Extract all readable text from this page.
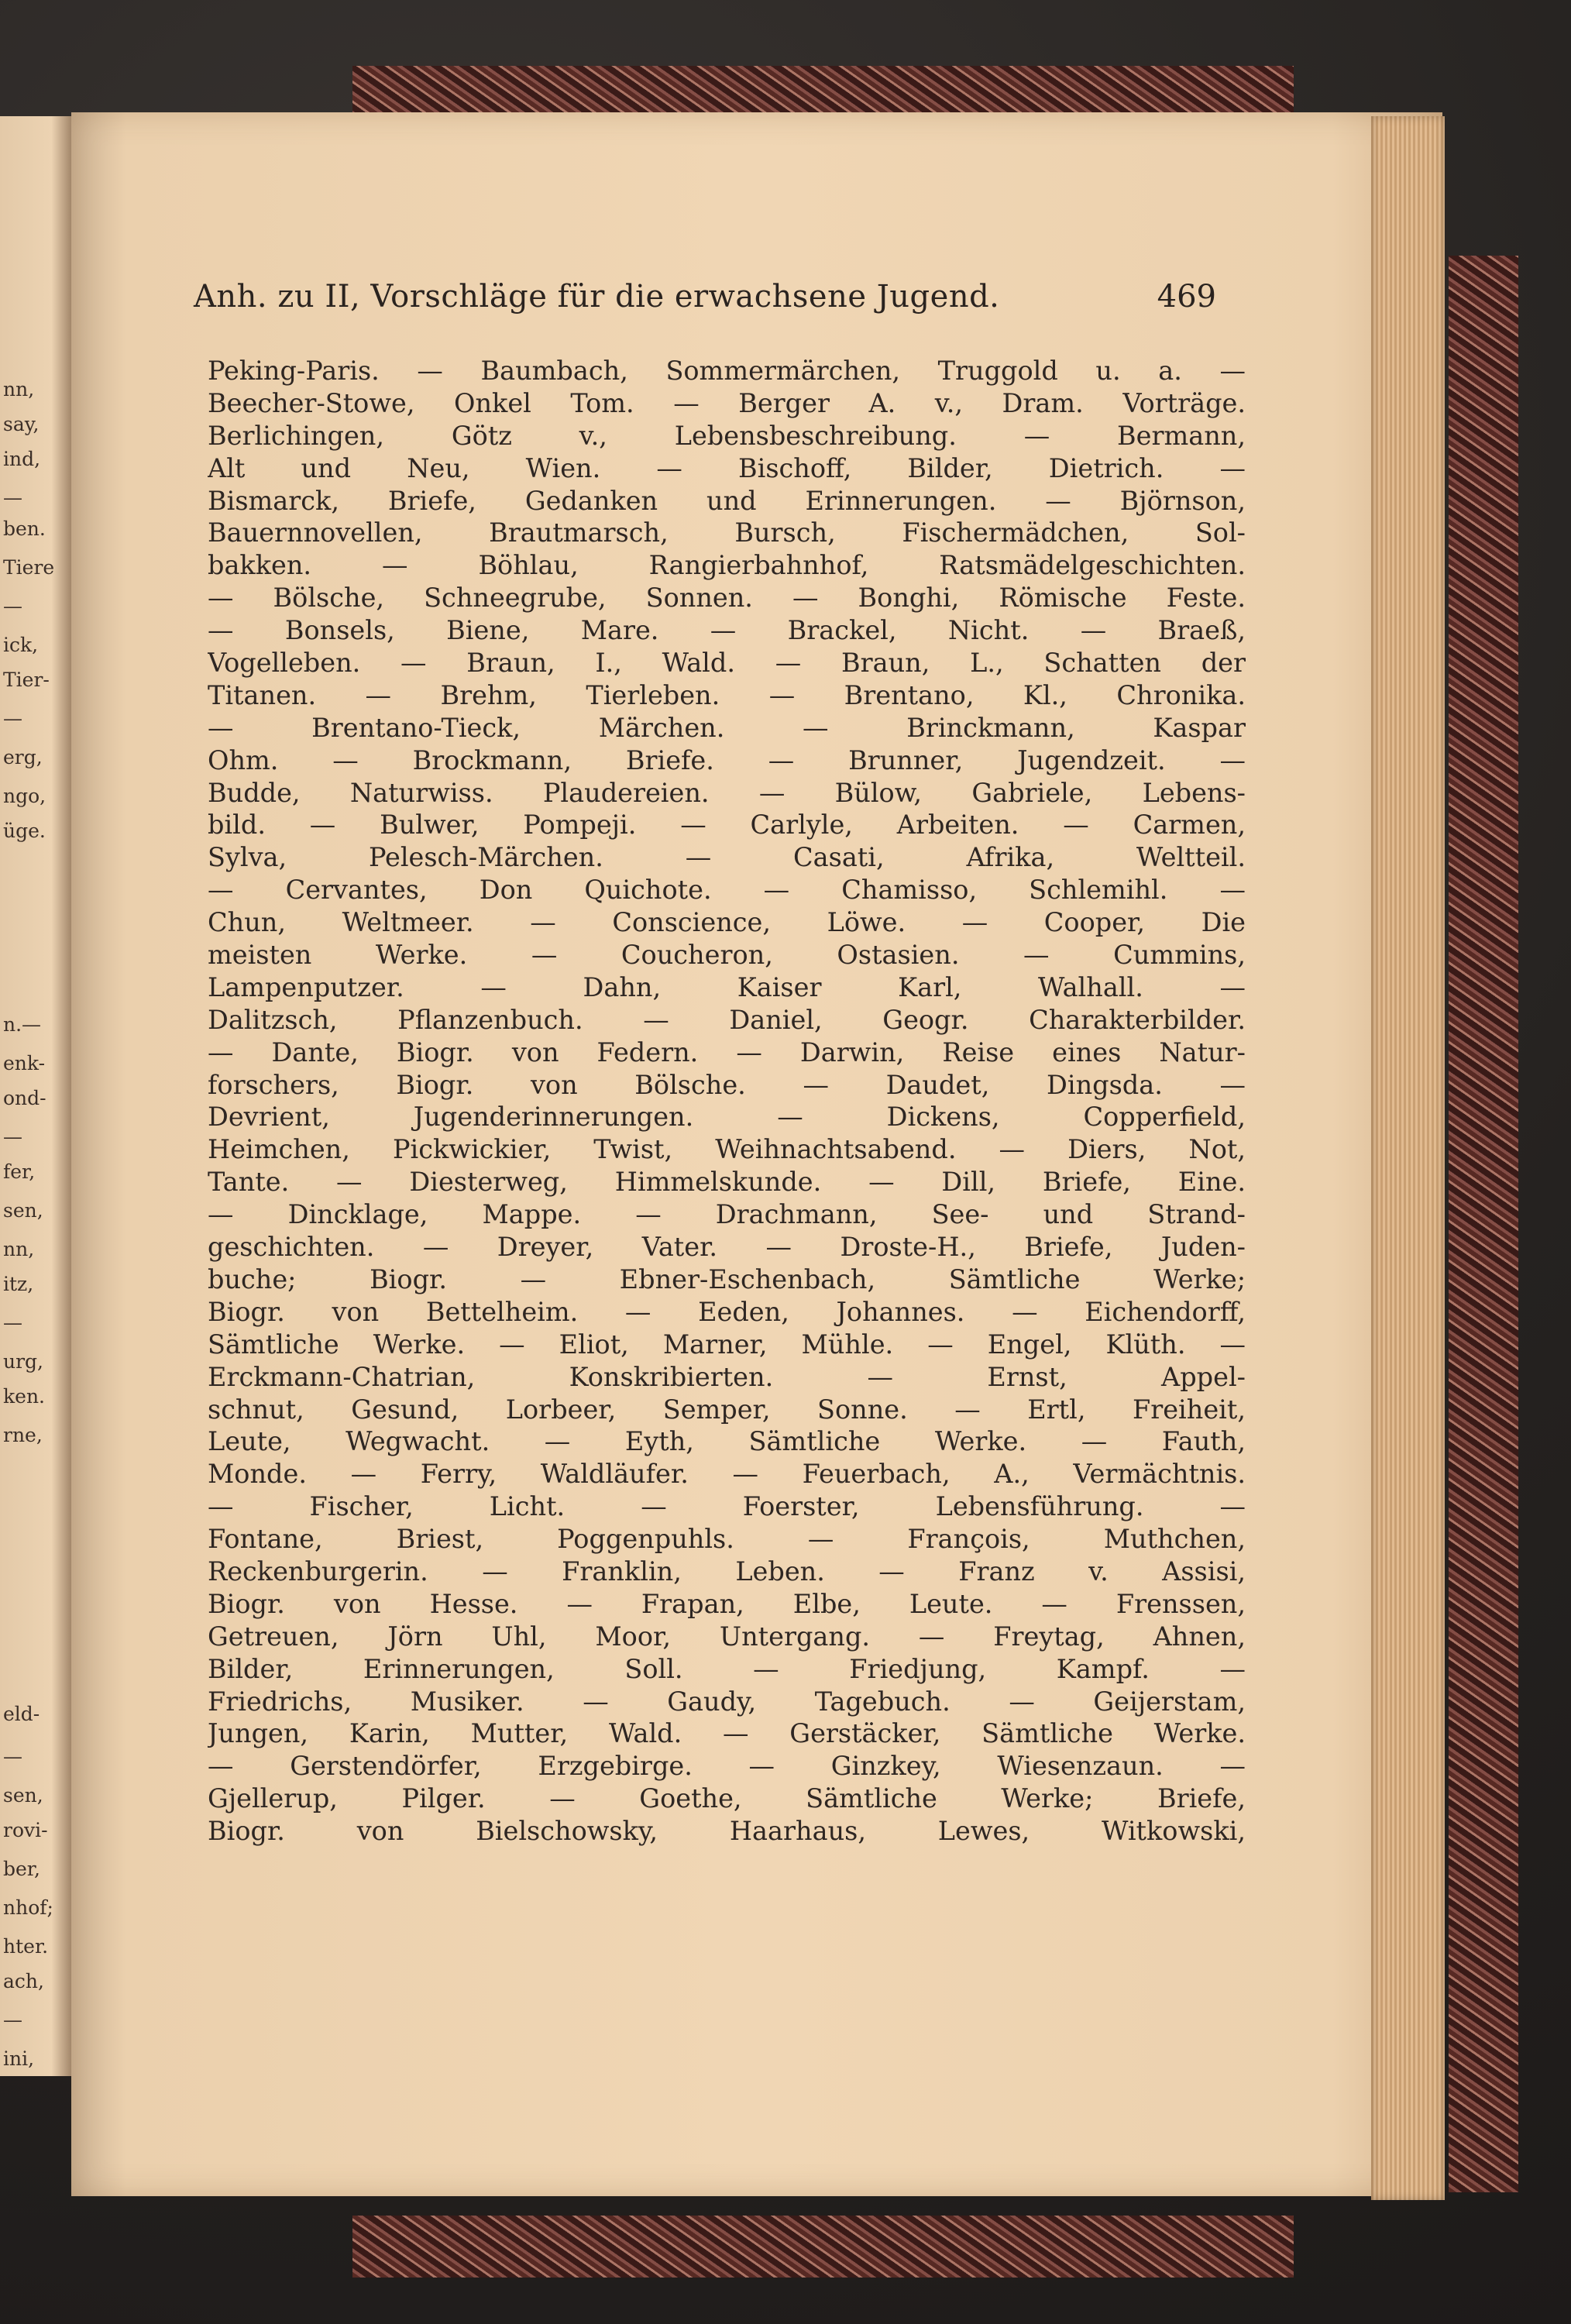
nn,
say,
ind,
—
ben.
Tiere
—
ick,
Tier-
—
erg,
ngo,
üge.
n.—
enk-
ond-
—
fer,
sen,
nn,
itz,
—
urg,
ken.
rne,
eld-
—
sen,
rovi-
ber,
nhof;
hter.
ach,
—
ini,
Anh. zu II, Vorschläge für die erwachsene Jugend.	469
Peking-Paris. — Baumbach, Sommermärchen, Truggold u. a. —
Beecher-Stowe, Onkel Tom. — Berger A. v., Dram. Vorträge.
Berlichingen, Götz v., Lebensbeschreibung. — Bermann,
Alt und Neu, Wien. — Bischoff, Bilder, Dietrich. —
Bismarck, Briefe, Gedanken und Erinnerungen. — Björnson,
Bauernnovellen, Brautmarsch, Bursch, Fischermädchen, Sol-
bakken. — Böhlau, Rangierbahnhof, Ratsmädelgeschichten.
— Bölsche, Schneegrube, Sonnen. — Bonghi, Römische Feste.
— Bonsels, Biene, Mare. — Brackel, Nicht. — Braeß,
Vogelleben. — Braun, I., Wald. — Braun, L., Schatten der
Titanen. — Brehm, Tierleben. — Brentano, Kl., Chronika.
— Brentano-Tieck, Märchen. — Brinckmann, Kaspar
Ohm. — Brockmann, Briefe. — Brunner, Jugendzeit. —
Budde, Naturwiss. Plaudereien. — Bülow, Gabriele, Lebens-
bild. — Bulwer, Pompeji. — Carlyle, Arbeiten. — Carmen,
Sylva, Pelesch-Märchen. — Casati, Afrika, Weltteil.
— Cervantes, Don Quichote. — Chamisso, Schlemihl. —
Chun, Weltmeer. — Conscience, Löwe. — Cooper, Die
meisten Werke. — Coucheron, Ostasien. — Cummins,
Lampenputzer. — Dahn, Kaiser Karl, Walhall. —
Dalitzsch, Pflanzenbuch. — Daniel, Geogr. Charakterbilder.
— Dante, Biogr. von Federn. — Darwin, Reise eines Natur-
forschers, Biogr. von Bölsche. — Daudet, Dingsda. —
Devrient, Jugenderinnerungen. — Dickens, Copperfield,
Heimchen, Pickwickier, Twist, Weihnachtsabend. — Diers, Not,
Tante. — Diesterweg, Himmelskunde. — Dill, Briefe, Eine.
— Dincklage, Mappe. — Drachmann, See- und Strand-
geschichten. — Dreyer, Vater. — Droste-H., Briefe, Juden-
buche; Biogr. — Ebner-Eschenbach, Sämtliche Werke;
Biogr. von Bettelheim. — Eeden, Johannes. — Eichendorff,
Sämtliche Werke. — Eliot, Marner, Mühle. — Engel, Klüth. —
Erckmann-Chatrian, Konskribierten. — Ernst, Appel-
schnut, Gesund, Lorbeer, Semper, Sonne. — Ertl, Freiheit,
Leute, Wegwacht. — Eyth, Sämtliche Werke. — Fauth,
Monde. — Ferry, Waldläufer. — Feuerbach, A., Vermächtnis.
— Fischer, Licht. — Foerster, Lebensführung. —
Fontane, Briest, Poggenpuhls. — François, Muthchen,
Reckenburgerin. — Franklin, Leben. — Franz v. Assisi,
Biogr. von Hesse. — Frapan, Elbe, Leute. — Frenssen,
Getreuen, Jörn Uhl, Moor, Untergang. — Freytag, Ahnen,
Bilder, Erinnerungen, Soll. — Friedjung, Kampf. —
Friedrichs, Musiker. — Gaudy, Tagebuch. — Geijerstam,
Jungen, Karin, Mutter, Wald. — Gerstäcker, Sämtliche Werke.
— Gerstendörfer, Erzgebirge. — Ginzkey, Wiesenzaun. —
Gjellerup, Pilger. — Goethe, Sämtliche Werke; Briefe,
Biogr. von Bielschowsky, Haarhaus, Lewes, Witkowski,
